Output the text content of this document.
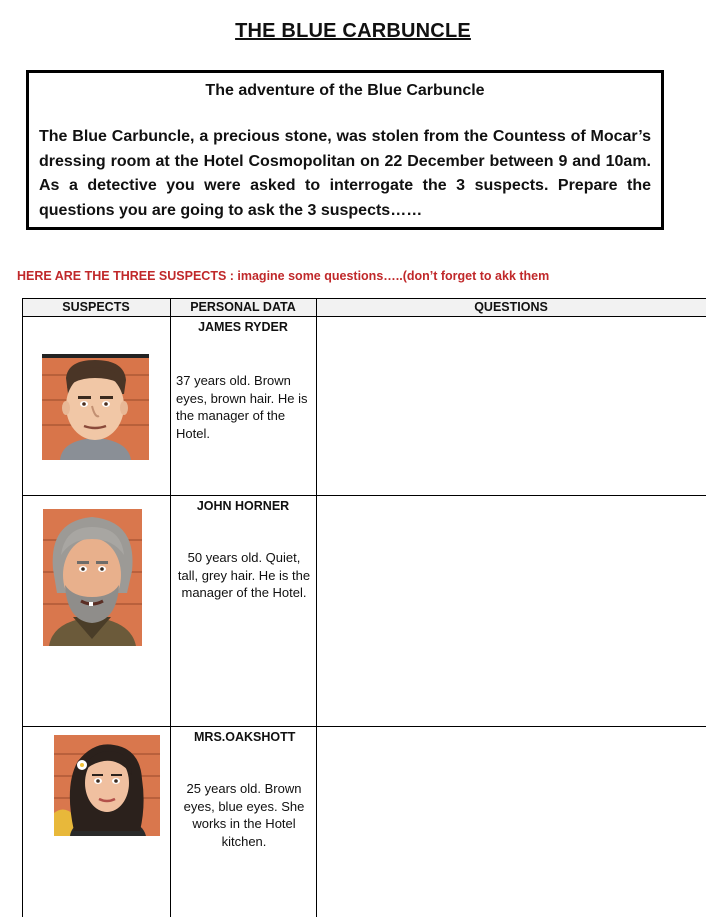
THE BLUE CARBUNCLE
The adventure of the Blue Carbuncle
The Blue Carbuncle, a precious stone, was stolen from the Countess of Mocar’s dressing room at the Hotel Cosmopolitan on 22 December between 9 and 10am. As a detective you were asked to interrogate the 3 suspects. Prepare the questions you are going to ask the 3 suspects……
HERE ARE THE THREE SUSPECTS : imagine some questions…..(don’t forget to akk them
SUSPECTS	PERSONAL DATA	QUESTIONS
JAMES RYDER
37 years old. Brown eyes, brown hair. He is the manager of the Hotel.
JOHN HORNER
50 years old. Quiet, tall, grey hair. He is the manager of the Hotel.
MRS.OAKSHOTT
25 years old. Brown eyes, blue eyes. She works in the Hotel kitchen.
